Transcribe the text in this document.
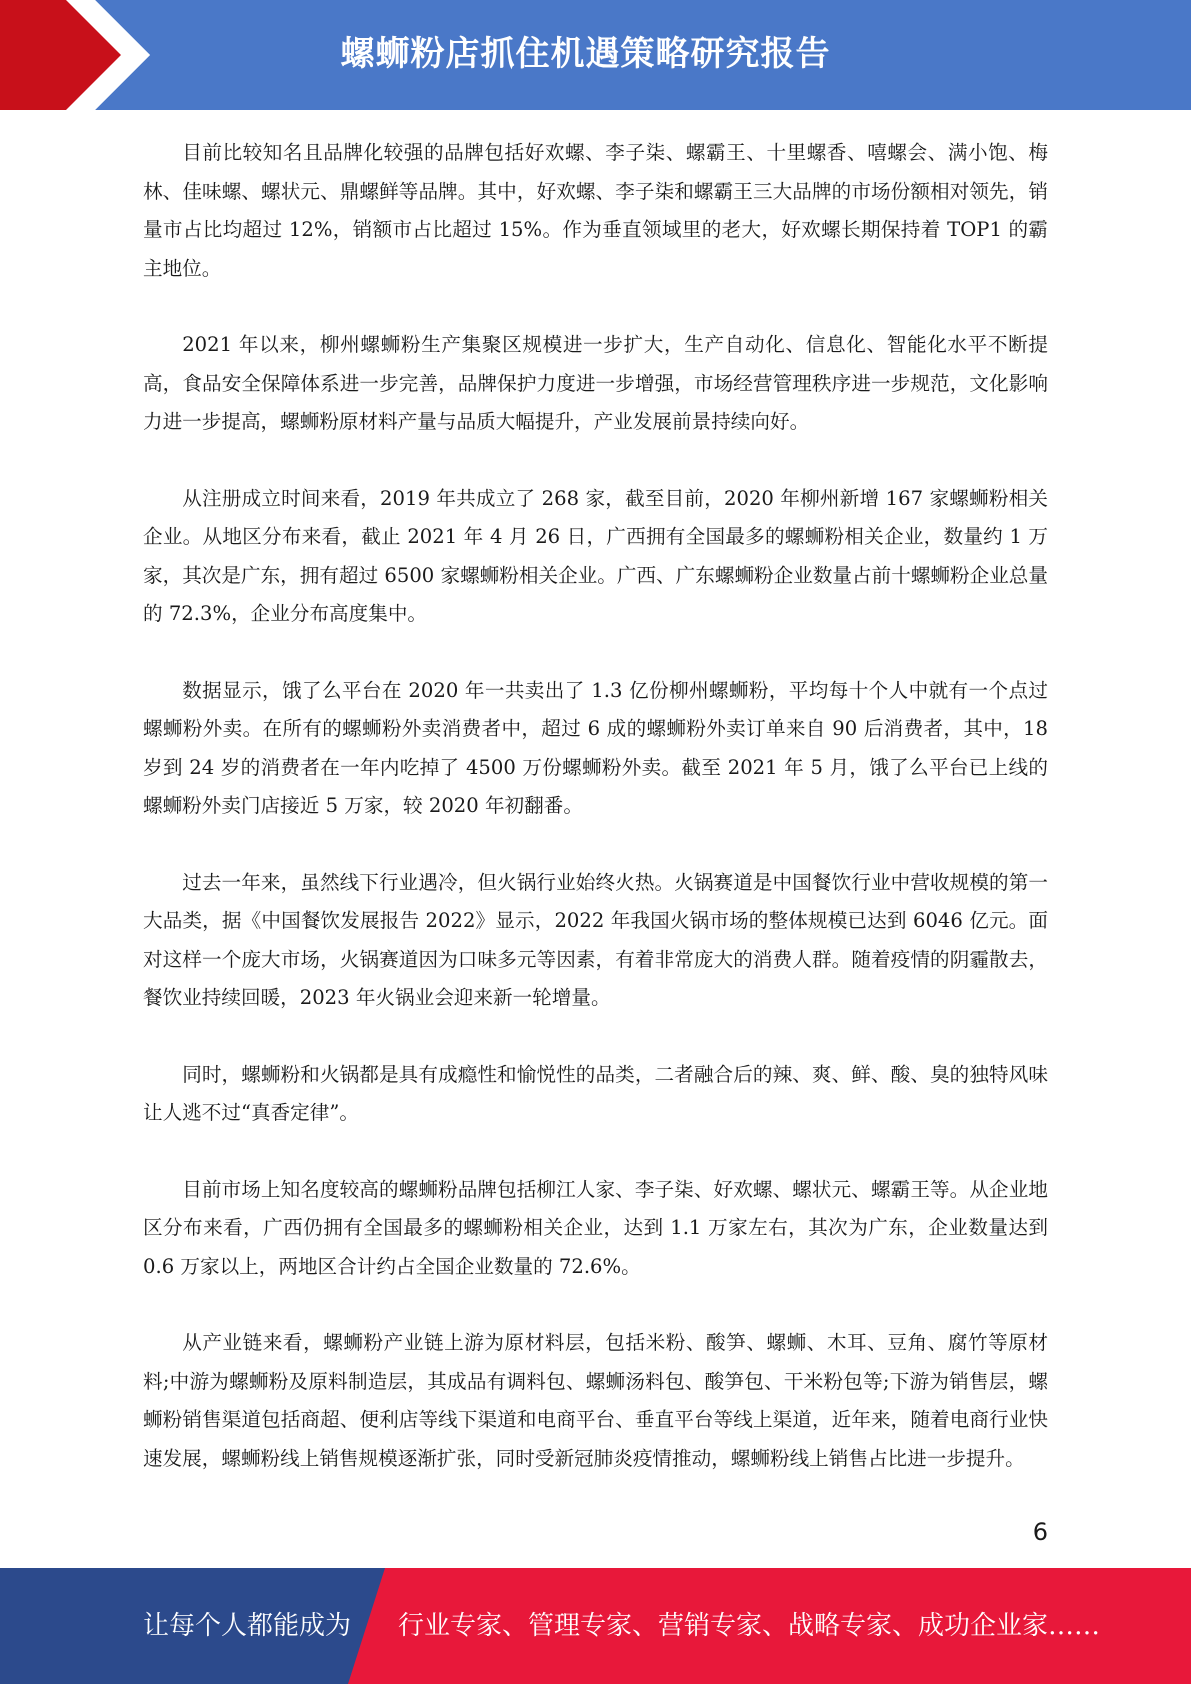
螺蛳粉店抓住机遇策略研究报告

目前比较知名且品牌化较强的品牌包括好欢螺、李子柒、螺霸王、十里螺香、嘻螺会、满小饱、梅林、佳味螺、螺状元、鼎螺鲜等品牌。其中，好欢螺、李子柒和螺霸王三大品牌的市场份额相对领先，销量市占比均超过 12%，销额市占比超过 15%。作为垂直领域里的老大，好欢螺长期保持着 TOP1 的霸主地位。

2021 年以来，柳州螺蛳粉生产集聚区规模进一步扩大，生产自动化、信息化、智能化水平不断提高，食品安全保障体系进一步完善，品牌保护力度进一步增强，市场经营管理秩序进一步规范，文化影响力进一步提高，螺蛳粉原材料产量与品质大幅提升，产业发展前景持续向好。

从注册成立时间来看，2019 年共成立了 268 家，截至目前，2020 年柳州新增 167 家螺蛳粉相关企业。从地区分布来看，截止 2021 年 4 月 26 日，广西拥有全国最多的螺蛳粉相关企业，数量约 1 万家，其次是广东，拥有超过 6500 家螺蛳粉相关企业。广西、广东螺蛳粉企业数量占前十螺蛳粉企业总量的 72.3%，企业分布高度集中。

数据显示，饿了么平台在 2020 年一共卖出了 1.3 亿份柳州螺蛳粉，平均每十个人中就有一个点过螺蛳粉外卖。在所有的螺蛳粉外卖消费者中，超过 6 成的螺蛳粉外卖订单来自 90 后消费者，其中，18 岁到 24 岁的消费者在一年内吃掉了 4500 万份螺蛳粉外卖。截至 2021 年 5 月，饿了么平台已上线的螺蛳粉外卖门店接近 5 万家，较 2020 年初翻番。

过去一年来，虽然线下行业遇冷，但火锅行业始终火热。火锅赛道是中国餐饮行业中营收规模的第一大品类，据《中国餐饮发展报告 2022》显示，2022 年我国火锅市场的整体规模已达到 6046 亿元。面对这样一个庞大市场，火锅赛道因为口味多元等因素，有着非常庞大的消费人群。随着疫情的阴霾散去，餐饮业持续回暖，2023 年火锅业会迎来新一轮增量。

同时，螺蛳粉和火锅都是具有成瘾性和愉悦性的品类，二者融合后的辣、爽、鲜、酸、臭的独特风味让人逃不过“真香定律”。

目前市场上知名度较高的螺蛳粉品牌包括柳江人家、李子柒、好欢螺、螺状元、螺霸王等。从企业地区分布来看，广西仍拥有全国最多的螺蛳粉相关企业，达到 1.1 万家左右，其次为广东，企业数量达到 0.6 万家以上，两地区合计约占全国企业数量的 72.6%。

从产业链来看，螺蛳粉产业链上游为原材料层，包括米粉、酸笋、螺蛳、木耳、豆角、腐竹等原材料;中游为螺蛳粉及原料制造层，其成品有调料包、螺蛳汤料包、酸笋包、干米粉包等;下游为销售层，螺蛳粉销售渠道包括商超、便利店等线下渠道和电商平台、垂直平台等线上渠道，近年来，随着电商行业快速发展，螺蛳粉线上销售规模逐渐扩张，同时受新冠肺炎疫情推动，螺蛳粉线上销售占比进一步提升。

6
让每个人都能成为 行业专家、管理专家、营销专家、战略专家、成功企业家……
